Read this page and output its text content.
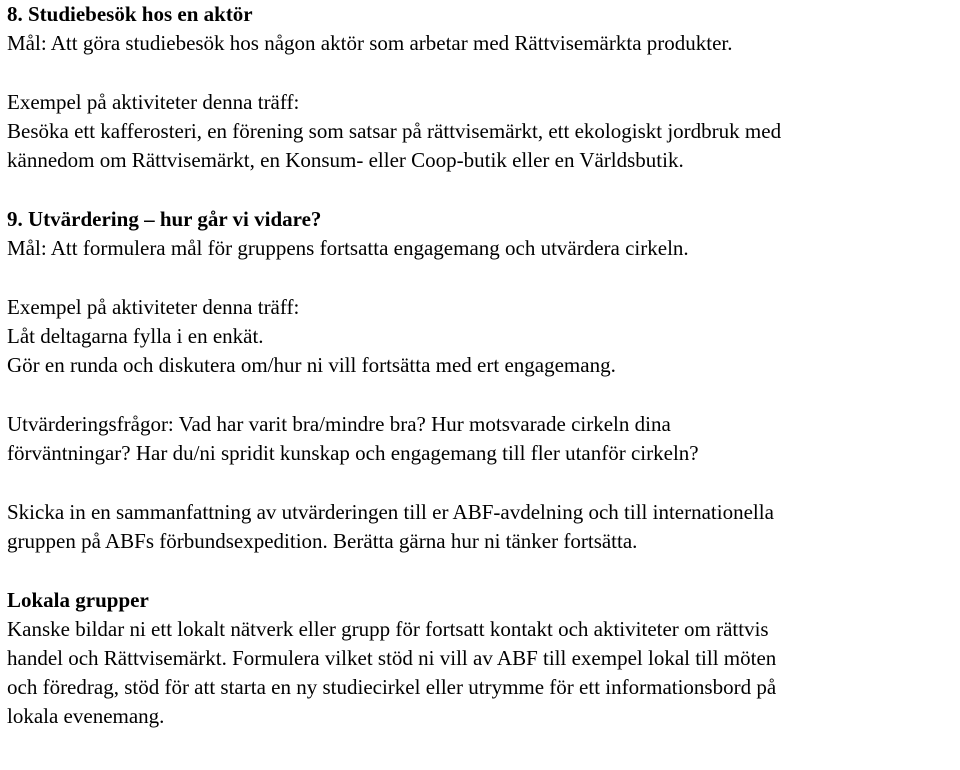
8. Studiebesök hos en aktör
Mål: Att göra studiebesök hos någon aktör som arbetar med Rättvisemärkta produkter.
Exempel på aktiviteter denna träff:
Besöka ett kafferosteri, en förening som satsar på rättvisemärkt, ett ekologiskt jordbruk med
kännedom om Rättvisemärkt, en Konsum- eller Coop-butik eller en Världsbutik.
9. Utvärdering – hur går vi vidare?
Mål: Att formulera mål för gruppens fortsatta engagemang och utvärdera cirkeln.
Exempel på aktiviteter denna träff:
Låt deltagarna fylla i en enkät.
Gör en runda och diskutera om/hur ni vill fortsätta med ert engagemang.
Utvärderingsfrågor: Vad har varit bra/mindre bra? Hur motsvarade cirkeln dina
förväntningar? Har du/ni spridit kunskap och engagemang till fler utanför cirkeln?
Skicka in en sammanfattning av utvärderingen till er ABF-avdelning och till internationella
gruppen på ABFs förbundsexpedition. Berätta gärna hur ni tänker fortsätta.
Lokala grupper
Kanske bildar ni ett lokalt nätverk eller grupp för fortsatt kontakt och aktiviteter om rättvis
handel och Rättvisemärkt. Formulera vilket stöd ni vill av ABF till exempel lokal till möten
och föredrag, stöd för att starta en ny studiecirkel eller utrymme för ett informationsbord på
lokala evenemang.
